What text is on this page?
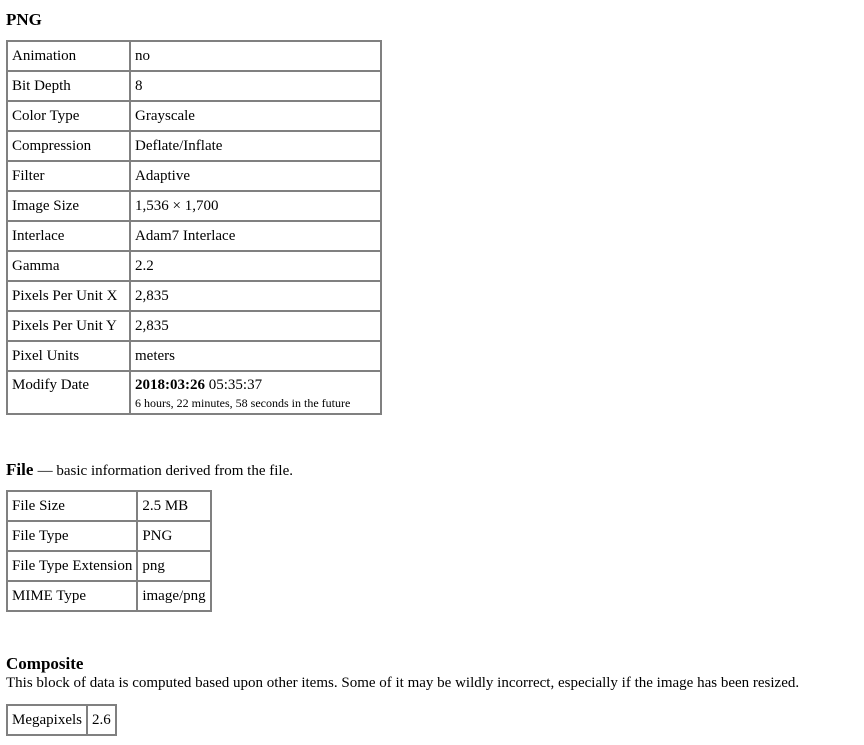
PNG
Animation	no
Bit Depth	8
Color Type	Grayscale
Compression	Deflate/Inflate
Filter	Adaptive
Image Size	1,536 × 1,700
Interlace	Adam7 Interlace
Gamma	2.2
Pixels Per Unit X	2,835
Pixels Per Unit Y	2,835
Pixel Units	meters
Modify Date	2018:03:26 05:35:37
6 hours, 22 minutes, 58 seconds in the future
File — basic information derived from the file.
File Size	2.5 MB
File Type	PNG
File Type Extension	png
MIME Type	image/png
Composite

This block of data is computed based upon other items. Some of it may be wildly incorrect, especially if the image has been resized.

Megapixels	2.6
